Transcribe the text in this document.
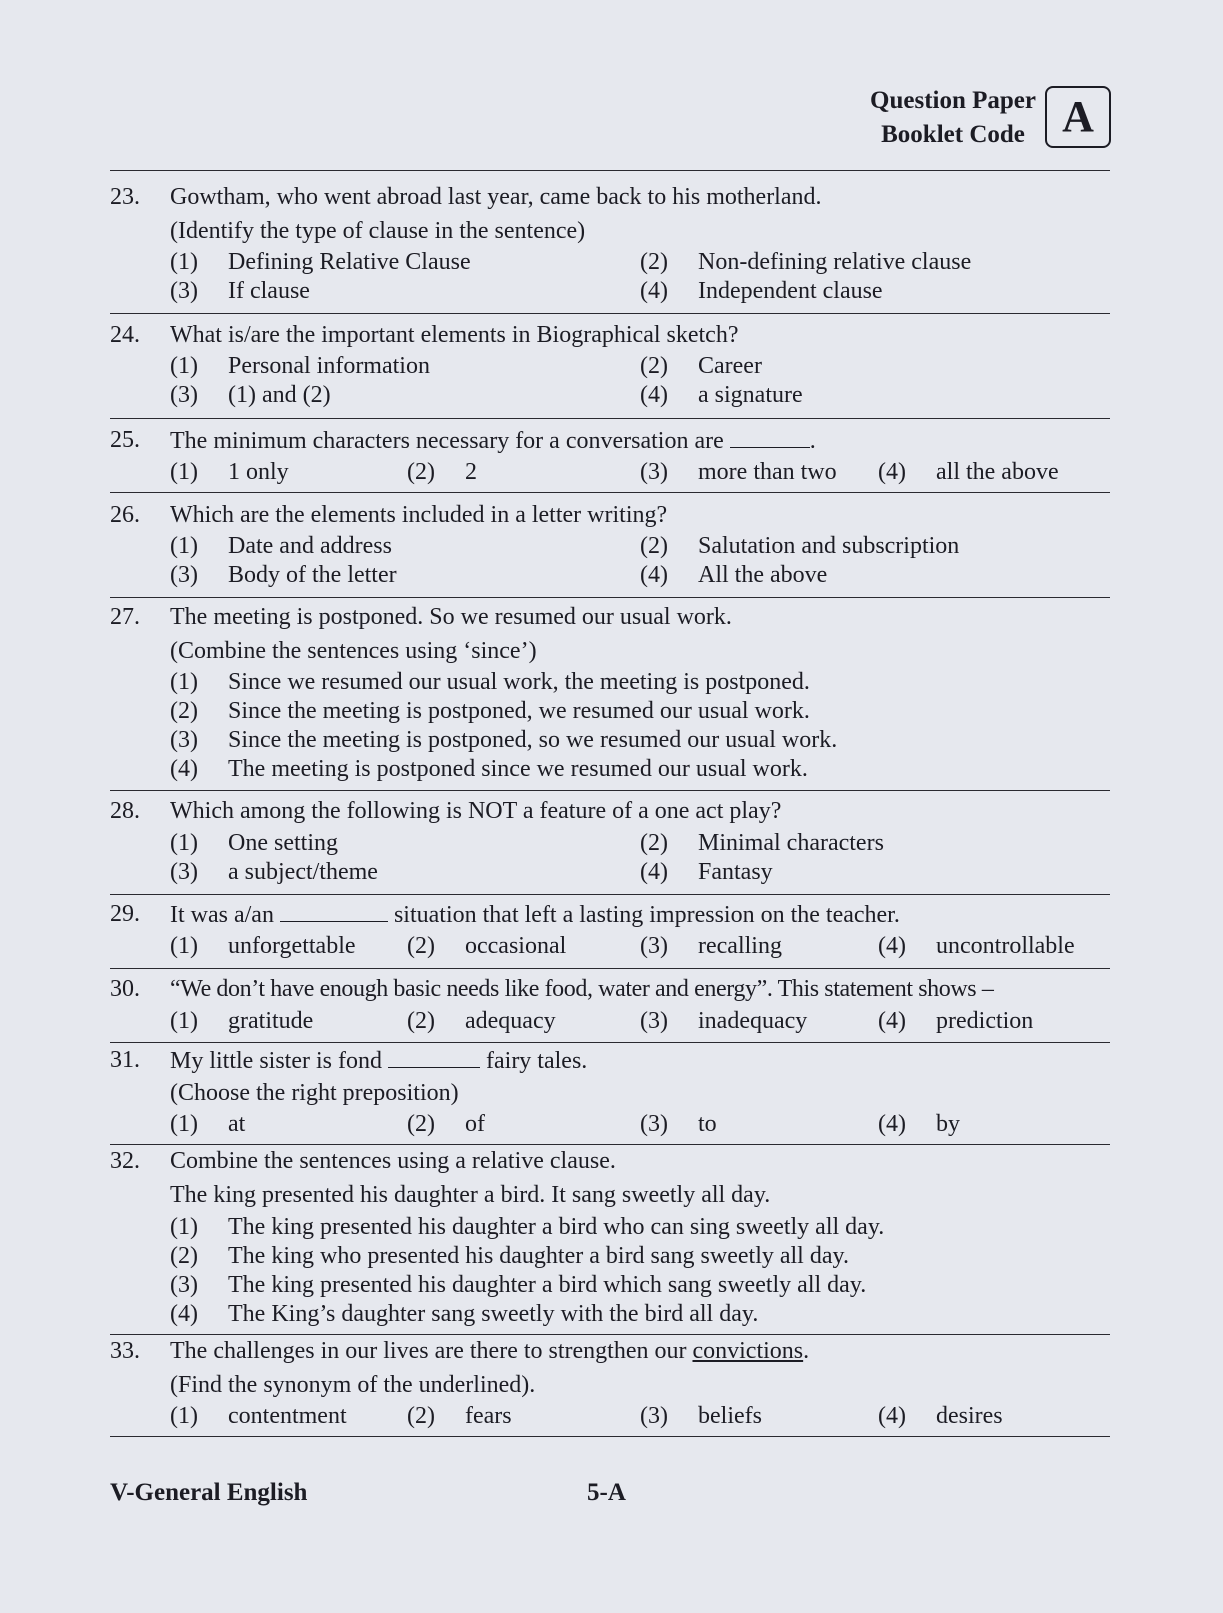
Question Paper
Booklet Code A
23. Gowtham, who went abroad last year, came back to his motherland.
(Identify the type of clause in the sentence)
(1) Defining Relative Clause	(2) Non-defining relative clause
(3) If clause	(4) Independent clause
24. What is/are the important elements in Biographical sketch?
(1) Personal information	(2) Career
(3) (1) and (2)	(4) a signature
25. The minimum characters necessary for a conversation are	.
(1) 1 only	(2) 2	(3) more than two (4) all the above
26. Which are the elements included in a letter writing?
(1) Date and address	(2) Salutation and subscription
(3) Body of the letter	(4) All the above
27. The meeting is postponed. So we resumed our usual work.
(Combine the sentences using ‘since’)
(1) Since we resumed our usual work, the meeting is postponed.
(2) Since the meeting is postponed, we resumed our usual work.
(3) Since the meeting is postponed, so we resumed our usual work.
(4) The meeting is postponed since we resumed our usual work.
28. Which among the following is NOT a feature of a one act play?
(1) One setting	(2) Minimal characters
(3) a subject/theme	(4) Fantasy
29. It was a/an	situation that left a lasting impression on the teacher.
(1) unforgettable (2) occasional	(3) recalling	(4) uncontrollable
30. “We don’t have enough basic needs like food, water and energy”. This statement shows –
(1) gratitude	(2) adequacy	(3) inadequacy	(4) prediction
31. My little sister is fond	fairy tales.
(Choose the right preposition)
(1) at	(2) of	(3) to	(4) by
32. Combine the sentences using a relative clause.
The king presented his daughter a bird. It sang sweetly all day.
(1) The king presented his daughter a bird who can sing sweetly all day.
(2) The king who presented his daughter a bird sang sweetly all day.
(3) The king presented his daughter a bird which sang sweetly all day.
(4) The King’s daughter sang sweetly with the bird all day.
33. The challenges in our lives are there to strengthen our convictions.
(Find the synonym of the underlined).
(1) contentment	(2) fears	(3) beliefs	(4) desires
V-General English	5-A
